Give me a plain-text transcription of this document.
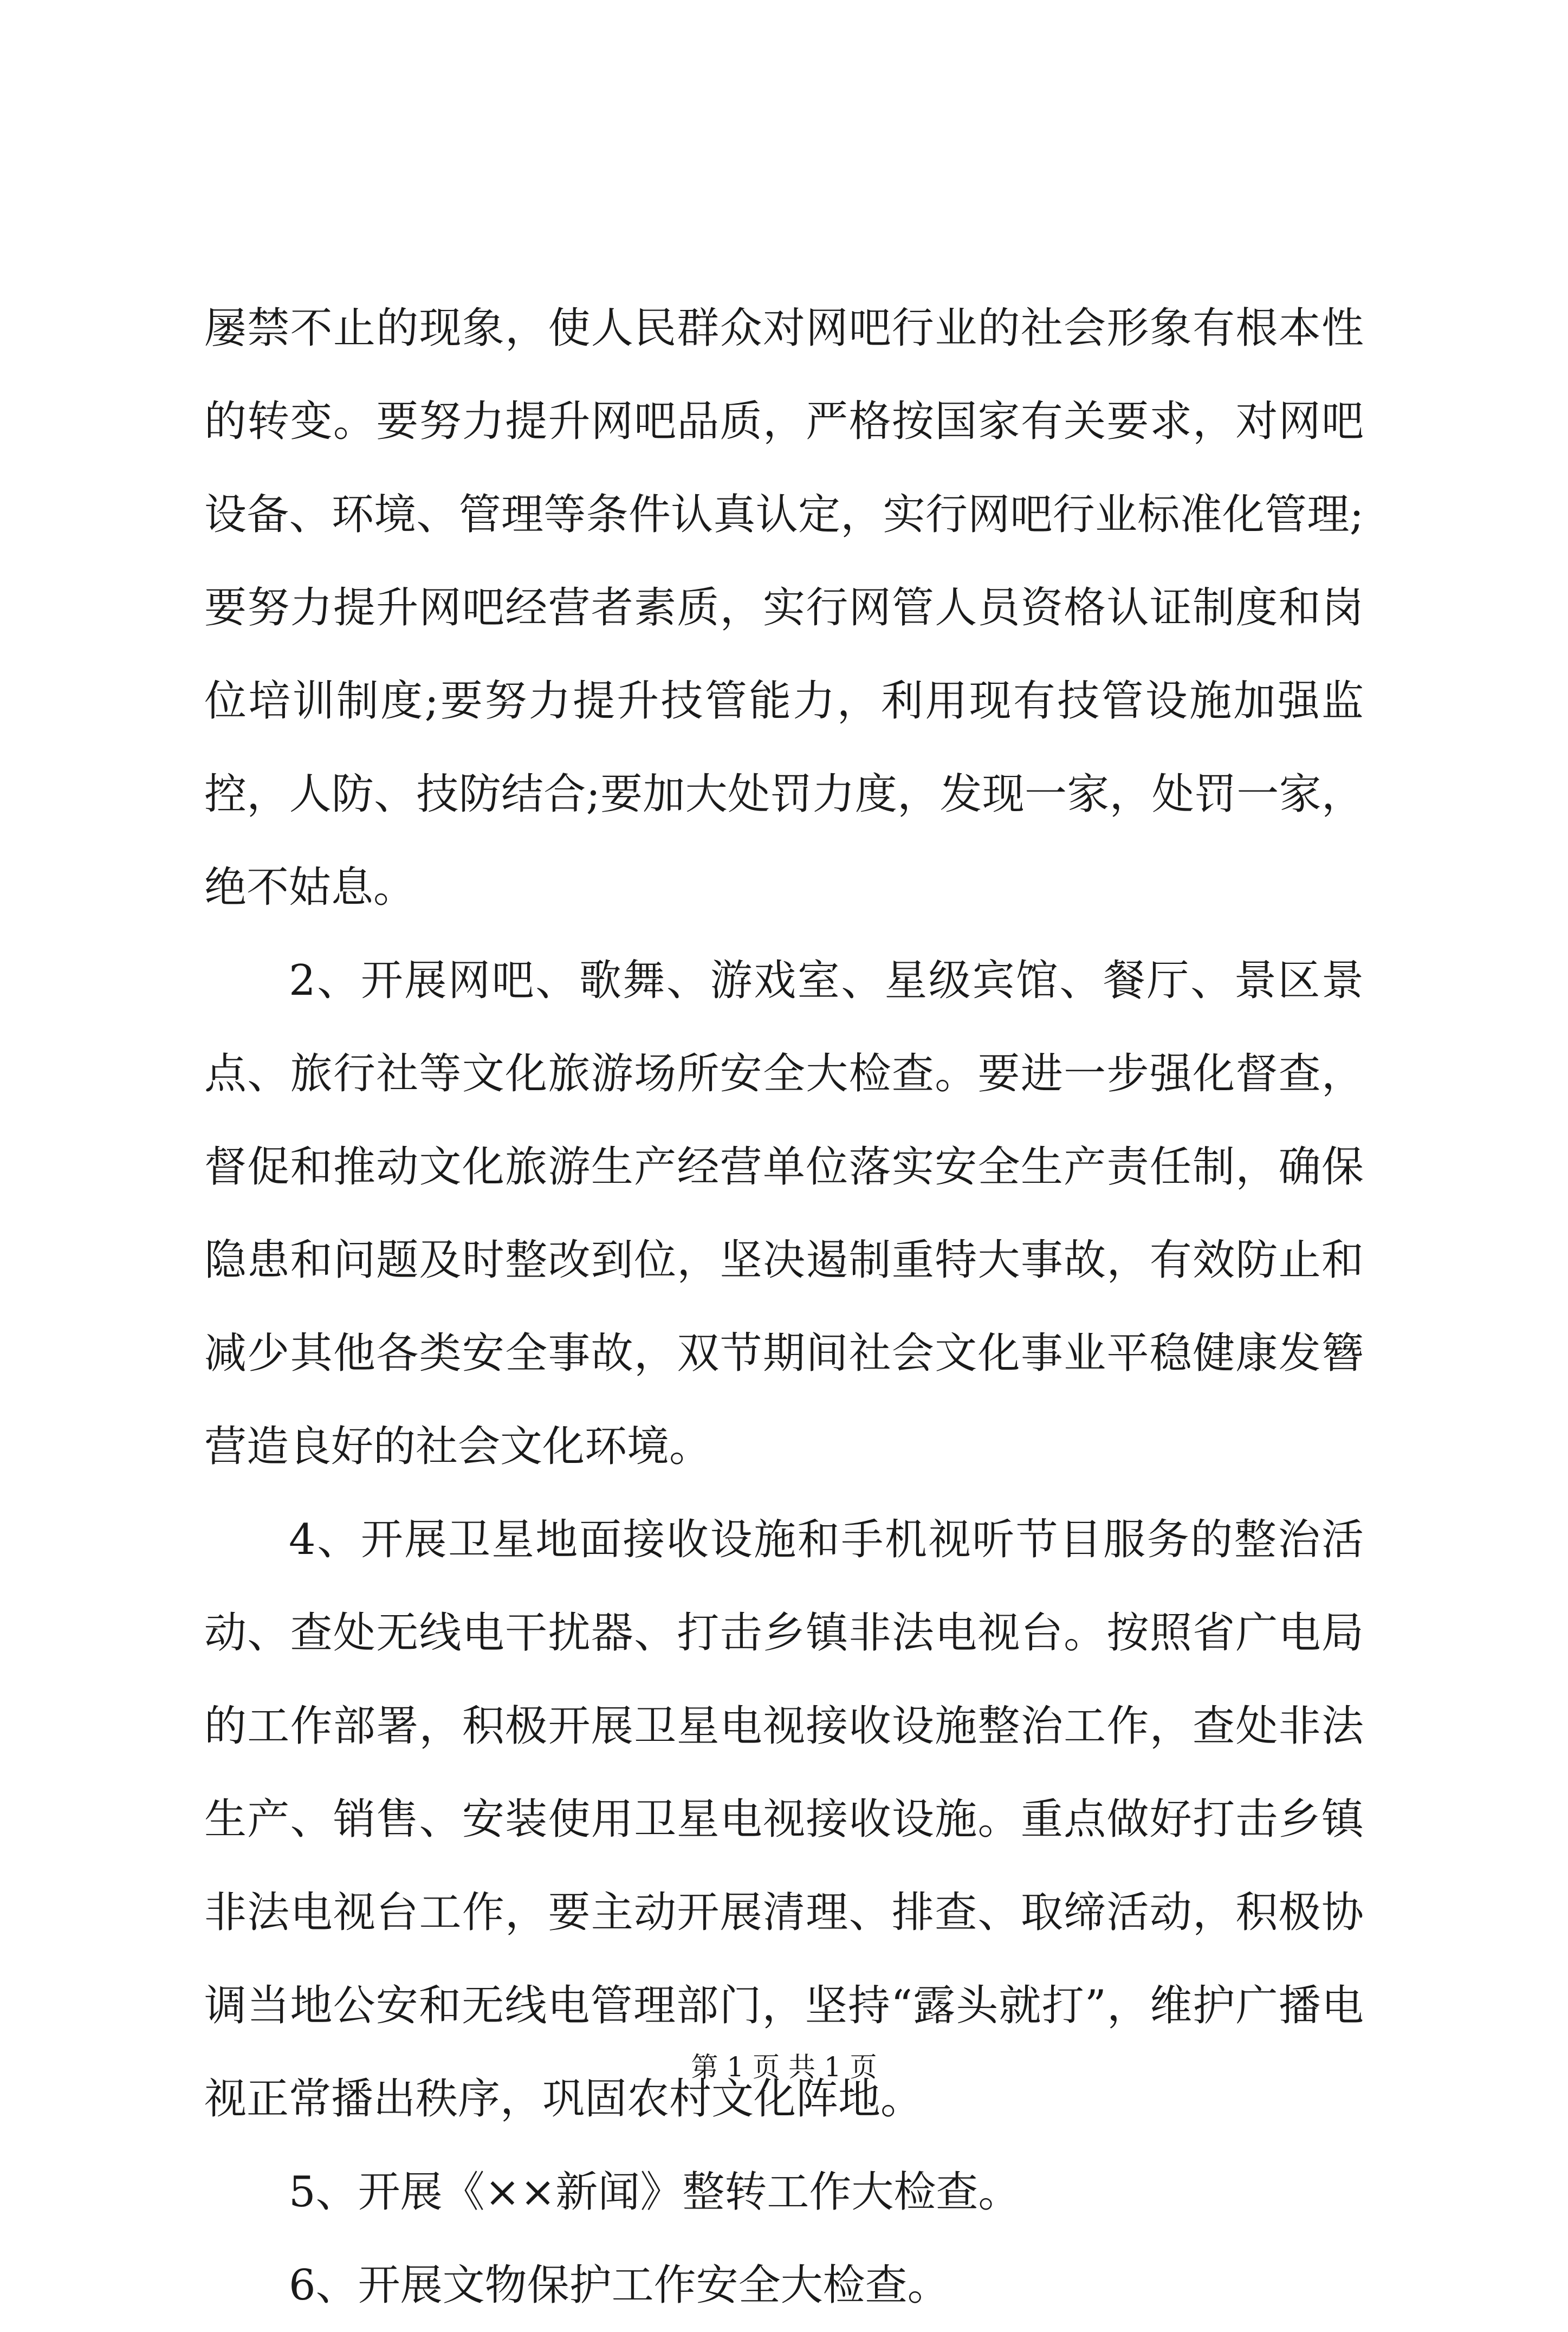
屡禁不止的现象，使人民群众对网吧行业的社会形象有根本性的转变。要努力提升网吧品质，严格按国家有关要求，对网吧设备、环境、管理等条件认真认定，实行网吧行业标准化管理;要努力提升网吧经营者素质，实行网管人员资格认证制度和岗位培训制度;要努力提升技管能力，利用现有技管设施加强监控，人防、技防结合;要加大处罚力度，发现一家，处罚一家，绝不姑息。

2、开展网吧、歌舞、游戏室、星级宾馆、餐厅、景区景点、旅行社等文化旅游场所安全大检查。要进一步强化督查，督促和推动文化旅游生产经营单位落实安全生产责任制，确保隐患和问题及时整改到位，坚决遏制重特大事故，有效防止和减少其他各类安全事故，双节期间社会文化事业平稳健康发簪营造良好的社会文化环境。

4、开展卫星地面接收设施和手机视听节目服务的整治活动、查处无线电干扰器、打击乡镇非法电视台。按照省广电局的工作部署，积极开展卫星电视接收设施整治工作，查处非法生产、销售、安装使用卫星电视接收设施。重点做好打击乡镇非法电视台工作，要主动开展清理、排查、取缔活动，积极协调当地公安和无线电管理部门，坚持“露头就打”，维护广播电视正常播出秩序，巩固农村文化阵地。

5、开展《××新闻》整转工作大检查。

6、开展文物保护工作安全大检查。

第 1 页 共 1 页
